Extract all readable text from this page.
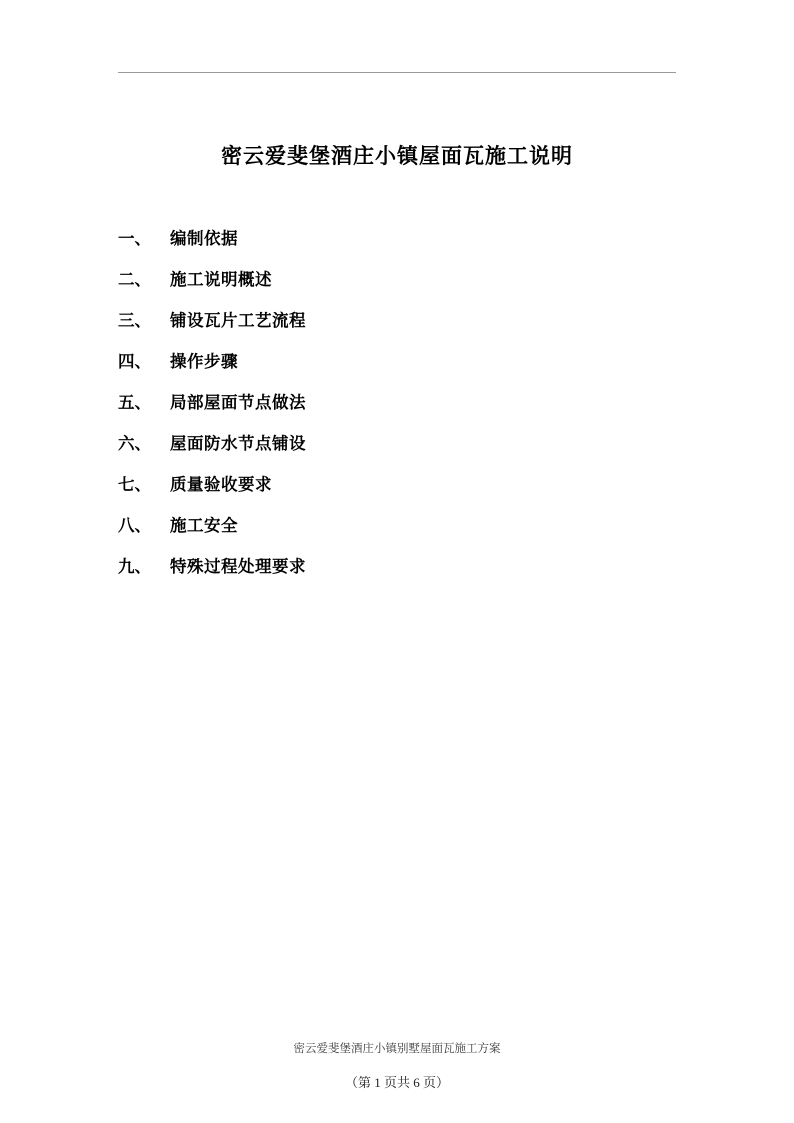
密云爱斐堡酒庄小镇屋面瓦施工说明
一、	编制依据
二、	施工说明概述
三、	铺设瓦片工艺流程
四、	操作步骤
五、	局部屋面节点做法
六、	屋面防水节点铺设
七、	质量验收要求
八、	施工安全
九、	特殊过程处理要求
密云爱斐堡酒庄小镇别墅屋面瓦施工方案
（第 1 页共 6 页）
